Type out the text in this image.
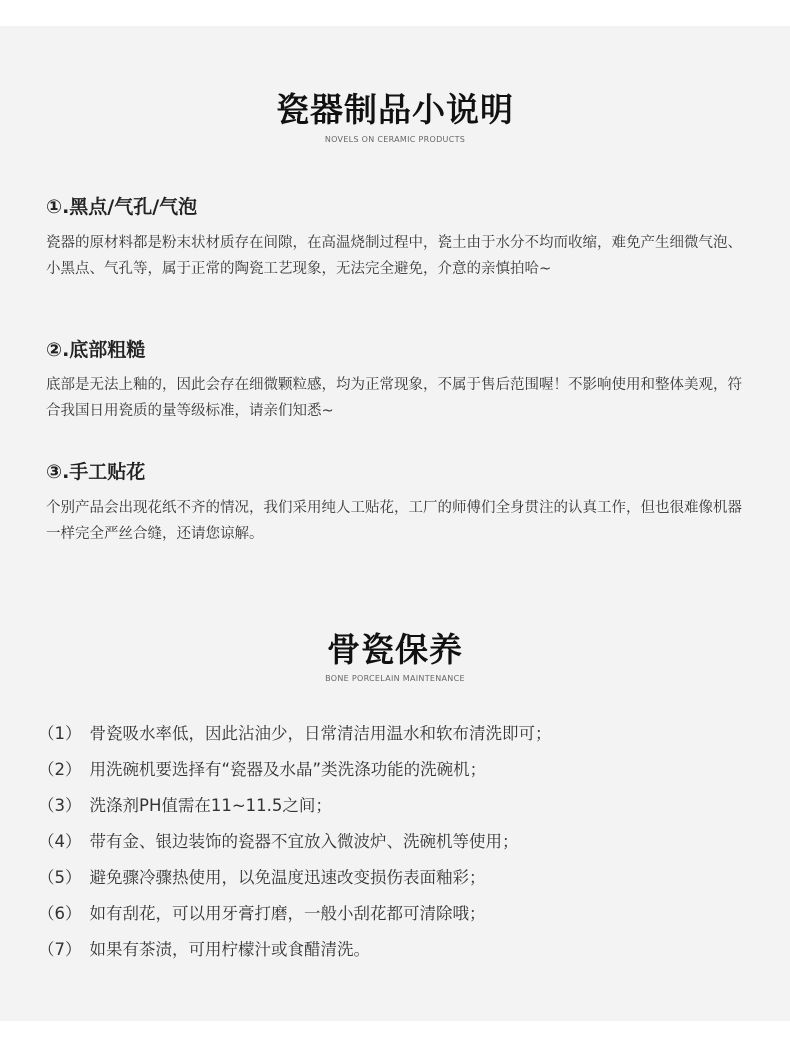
瓷器制品小说明
NOVELS ON CERAMIC PRODUCTS
①.黑点/气孔/气泡
瓷器的原材料都是粉末状材质存在间隙，在高温烧制过程中，瓷土由于水分不均而收缩，难免产生细微气泡、小黑点、气孔等，属于正常的陶瓷工艺现象，无法完全避免，介意的亲慎拍哈~
②.底部粗糙
底部是无法上釉的，因此会存在细微颗粒感，均为正常现象，不属于售后范围喔！不影响使用和整体美观，符合我国日用瓷质的量等级标准，请亲们知悉~
③.手工贴花
个别产品会出现花纸不齐的情况，我们采用纯人工贴花，工厂的师傅们全身贯注的认真工作，但也很难像机器一样完全严丝合缝，还请您谅解。
骨瓷保养
BONE PORCELAIN MAINTENANCE
（1） 骨瓷吸水率低，因此沾油少，日常清洁用温水和软布清洗即可；
（2） 用洗碗机要选择有“瓷器及水晶”类洗涤功能的洗碗机；
（3） 洗涤剂PH值需在11~11.5之间；
（4） 带有金、银边装饰的瓷器不宜放入微波炉、洗碗机等使用；
（5） 避免骤冷骤热使用，以免温度迅速改变损伤表面釉彩；
（6） 如有刮花，可以用牙膏打磨，一般小刮花都可清除哦；
（7） 如果有茶渍，可用柠檬汁或食醋清洗。
